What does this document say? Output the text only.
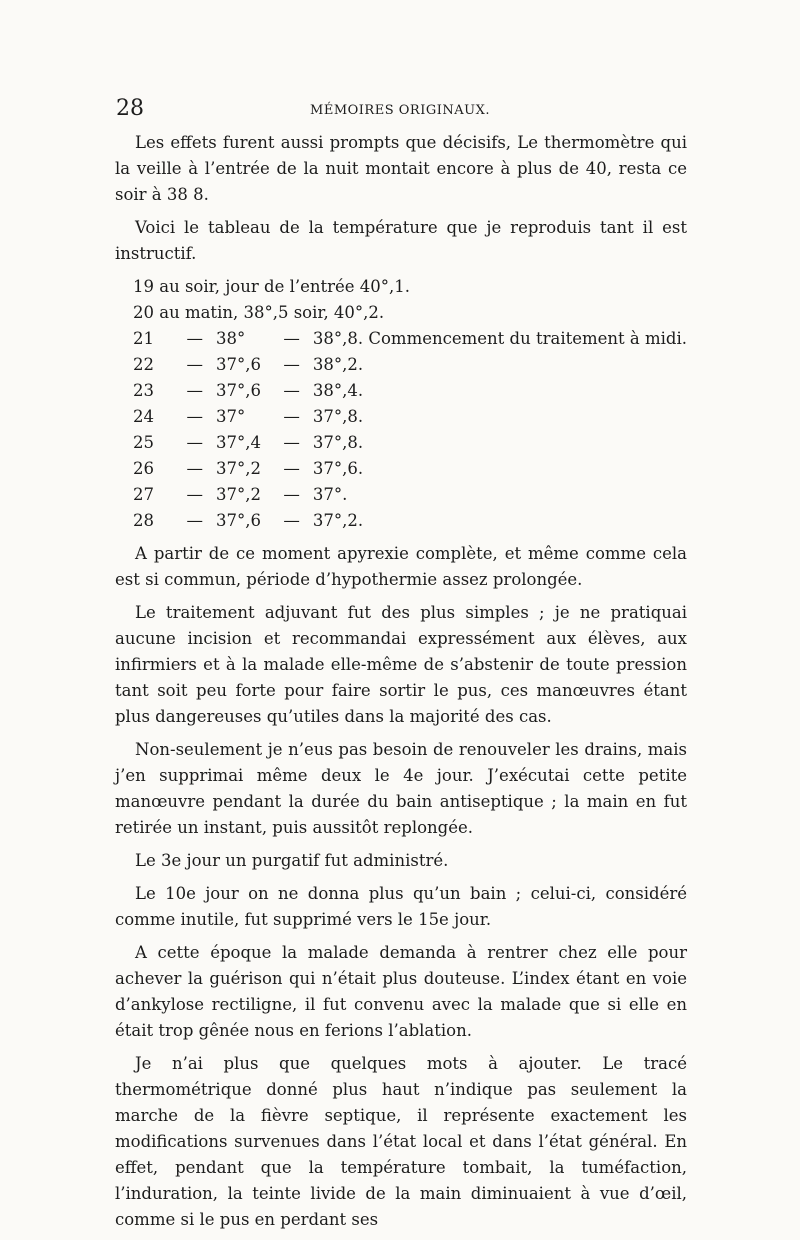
28	MÉMOIRES ORIGINAUX.

Les effets furent aussi prompts que décisifs, Le thermomètre qui la veille à l’entrée de la nuit montait encore à plus de 40, resta ce soir à 38 8.

Voici le tableau de la température que je reproduis tant il est instructif.

19 au soir, jour de l’entrée 40°,1.

20 au matin, 38°,5 soir, 40°,2.

21	—	38°	—	38°,8. Commencement du traitement à midi.
22	—	37°,6	—	38°,2.
23	—	37°,6	—	38°,4.
24	—	37°	—	37°,8.
25	—	37°,4	—	37°,8.
26	—	37°,2	—	37°,6.
27	—	37°,2	—	37°.
28	—	37°,6	—	37°,2.

A partir de ce moment apyrexie complète, et même comme cela est si commun, période d’hypothermie assez prolongée.

Le traitement adjuvant fut des plus simples ; je ne pratiquai aucune incision et recommandai expressément aux élèves, aux infirmiers et à la malade elle-même de s’abstenir de toute pression tant soit peu forte pour faire sortir le pus, ces manœuvres étant plus dangereuses qu’utiles dans la majorité des cas.

Non-seulement je n’eus pas besoin de renouveler les drains, mais j’en supprimai même deux le 4e jour. J’exécutai cette petite manœuvre pendant la durée du bain antiseptique ; la main en fut retirée un instant, puis aussitôt replongée.

Le 3e jour un purgatif fut administré.

Le 10e jour on ne donna plus qu’un bain ; celui-ci, considéré comme inutile, fut supprimé vers le 15e jour.

A cette époque la malade demanda à rentrer chez elle pour achever la guérison qui n’était plus douteuse. L’index étant en voie d’ankylose rectiligne, il fut convenu avec la malade que si elle en était trop gênée nous en ferions l’ablation.

Je n’ai plus que quelques mots à ajouter. Le tracé thermométrique donné plus haut n’indique pas seulement la marche de la fièvre septique, il représente exactement les modifications survenues dans l’état local et dans l’état général. En effet, pendant que la température tombait, la tuméfaction, l’induration, la teinte livide de la main diminuaient à vue d’œil, comme si le pus en perdant ses
